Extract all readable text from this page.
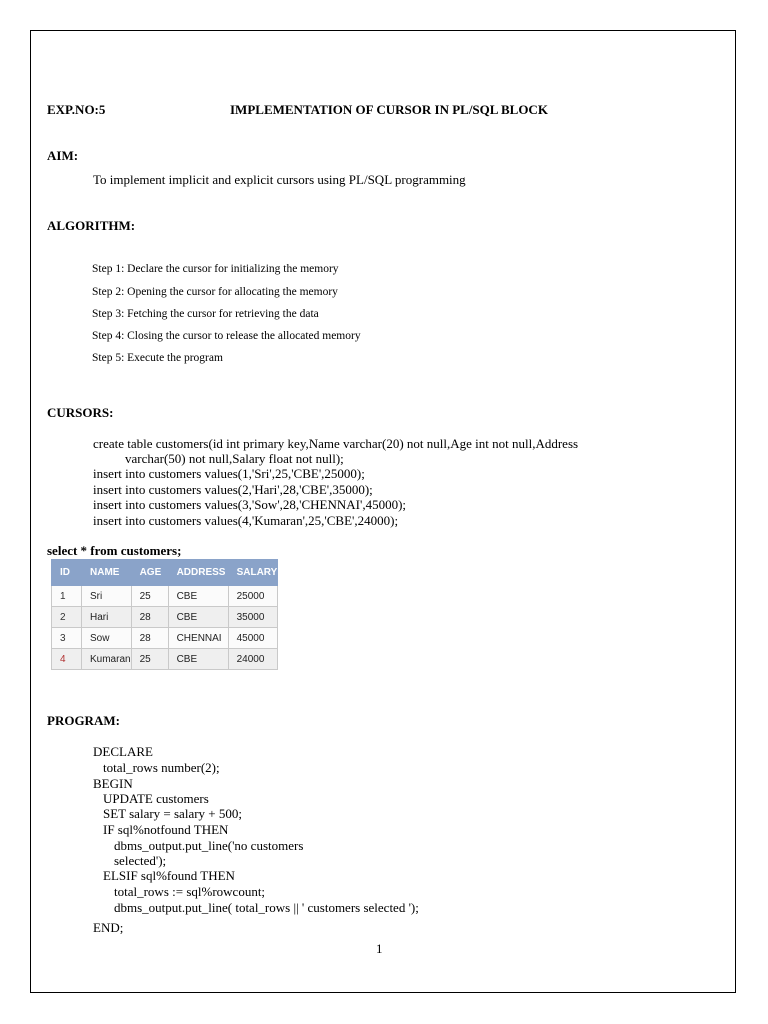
EXP.NO:5	IMPLEMENTATION OF CURSOR IN PL/SQL BLOCK
AIM:
To implement implicit and explicit cursors using PL/SQL programming
ALGORITHM:
Step 1: Declare the cursor for initializing the memory
Step 2: Opening the cursor for allocating the memory
Step 3: Fetching the cursor for retrieving the data
Step 4: Closing the cursor to release the allocated memory
Step 5: Execute the program
CURSORS:
create table customers(id int primary key,Name varchar(20) not null,Age int not null,Address
varchar(50) not null,Salary float not null);
insert into customers values(1,'Sri',25,'CBE',25000);
insert into customers values(2,'Hari',28,'CBE',35000);
insert into customers values(3,'Sow',28,'CHENNAI',45000);
insert into customers values(4,'Kumaran',25,'CBE',24000);
select * from customers;
ID	NAME	AGE	ADDRESS	SALARY
1	Sri	25	CBE	25000
2	Hari	28	CBE	35000
3	Sow	28	CHENNAI	45000
4	Kumaran	25	CBE	24000
PROGRAM:
DECLARE
total_rows number(2);
BEGIN
UPDATE customers
SET salary = salary + 500;
IF sql%notfound THEN
dbms_output.put_line('no customers
selected');
ELSIF sql%found THEN
total_rows := sql%rowcount;
dbms_output.put_line( total_rows || ' customers selected ');
END;
1
